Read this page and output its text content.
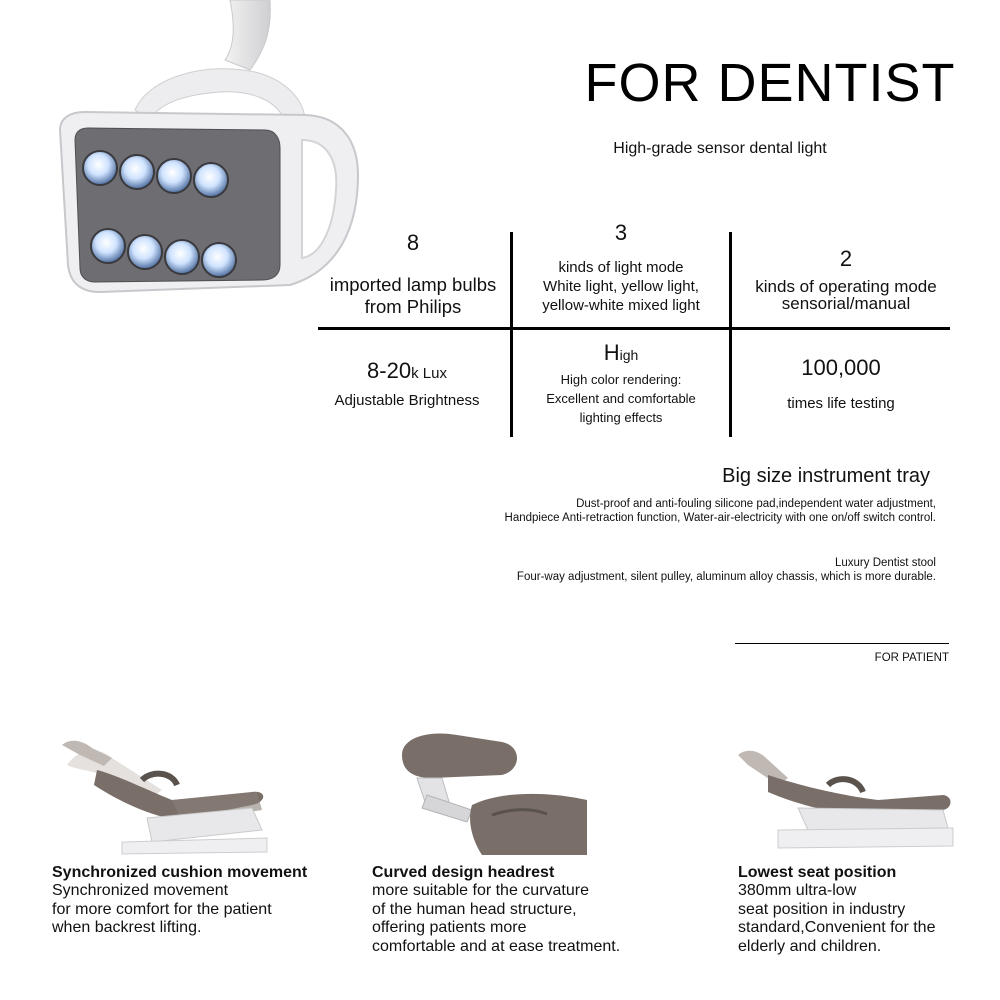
FOR DENTIST
High-grade sensor dental light
8
imported lamp bulbs
from Philips
3
kinds of light mode
White light, yellow light,
yellow-white mixed light
2
kinds of operating mode
sensorial/manual
8-20k Lux
Adjustable Brightness
High
High color rendering:
Excellent and comfortable
lighting effects
100,000
times life testing
Big size instrument tray
Dust-proof and anti-fouling silicone pad,independent water adjustment,
Handpiece Anti-retraction function, Water-air-electricity with one on/off switch control.
Luxury Dentist stool
Four-way adjustment, silent pulley, aluminum alloy chassis, which is more durable.
FOR PATIENT
Synchronized cushion movement
Synchronized movement
for more comfort for the patient
when backrest lifting.
Curved design headrest
more suitable for the curvature
of the human head structure,
offering patients more
comfortable and at ease treatment.
Lowest seat position
380mm ultra-low
seat position in industry
standard,Convenient for the
elderly and children.
